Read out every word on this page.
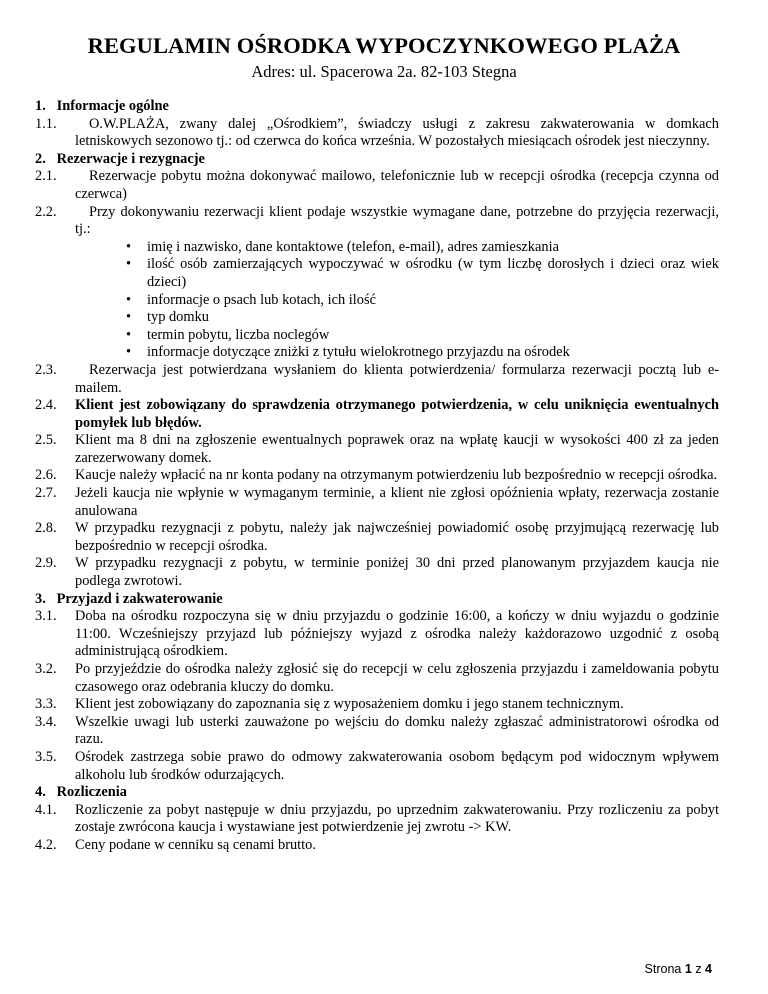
REGULAMIN OŚRODKA WYPOCZYNKOWEGO PLAŻA
Adres: ul. Spacerowa 2a. 82-103 Stegna
1. Informacje ogólne
1.1. O.W.PLAŻA, zwany dalej „Ośrodkiem”, świadczy usługi z zakresu zakwaterowania w domkach letniskowych sezonowo tj.: od czerwca do końca września. W pozostałych miesiącach ośrodek jest nieczynny.
2. Rezerwacje i rezygnacje
2.1. Rezerwacje pobytu można dokonywać mailowo, telefonicznie lub w recepcji ośrodka (recepcja czynna od czerwca)
2.2. Przy dokonywaniu rezerwacji klient podaje wszystkie wymagane dane, potrzebne do przyjęcia rezerwacji, tj.:
• imię i nazwisko, dane kontaktowe (telefon, e-mail), adres zamieszkania
• ilość osób zamierzających wypoczywać w ośrodku (w tym liczbę dorosłych i dzieci oraz wiek dzieci)
• informacje o psach lub kotach, ich ilość
• typ domku
• termin pobytu, liczba noclegów
• informacje dotyczące zniżki z tytułu wielokrotnego przyjazdu na ośrodek
2.3. Rezerwacja jest potwierdzana wysłaniem do klienta potwierdzenia/ formularza rezerwacji pocztą lub e-mailem.
2.4. Klient jest zobowiązany do sprawdzenia otrzymanego potwierdzenia, w celu uniknięcia ewentualnych pomyłek lub błędów.
2.5. Klient ma 8 dni na zgłoszenie ewentualnych poprawek oraz na wpłatę kaucji w wysokości 400 zł za jeden zarezerwowany domek.
2.6. Kaucje należy wpłacić na nr konta podany na otrzymanym potwierdzeniu lub bezpośrednio w recepcji ośrodka.
2.7. Jeżeli kaucja nie wpłynie w wymaganym terminie, a klient nie zgłosi opóźnienia wpłaty, rezerwacja zostanie anulowana
2.8. W przypadku rezygnacji z pobytu, należy jak najwcześniej powiadomić osobę przyjmującą rezerwację lub bezpośrednio w recepcji ośrodka.
2.9. W przypadku rezygnacji z pobytu, w terminie poniżej 30 dni przed planowanym przyjazdem kaucja nie podlega zwrotowi.
3. Przyjazd i zakwaterowanie
3.1. Doba na ośrodku rozpoczyna się w dniu przyjazdu o godzinie 16:00, a kończy w dniu wyjazdu o godzinie 11:00. Wcześniejszy przyjazd lub późniejszy wyjazd z ośrodka należy każdorazowo uzgodnić z osobą administrującą ośrodkiem.
3.2. Po przyjeździe do ośrodka należy zgłosić się do recepcji w celu zgłoszenia przyjazdu i zameldowania pobytu czasowego oraz odebrania kluczy do domku.
3.3. Klient jest zobowiązany do zapoznania się z wyposażeniem domku i jego stanem technicznym.
3.4. Wszelkie uwagi lub usterki zauważone po wejściu do domku należy zgłaszać administratorowi ośrodka od razu.
3.5. Ośrodek zastrzega sobie prawo do odmowy zakwaterowania osobom będącym pod widocznym wpływem alkoholu lub środków odurzających.
4. Rozliczenia
4.1. Rozliczenie za pobyt następuje w dniu przyjazdu, po uprzednim zakwaterowaniu. Przy rozliczeniu za pobyt zostaje zwrócona kaucja i wystawiane jest potwierdzenie jej zwrotu -> KW.
4.2. Ceny podane w cenniku są cenami brutto.
Strona 1 z 4
